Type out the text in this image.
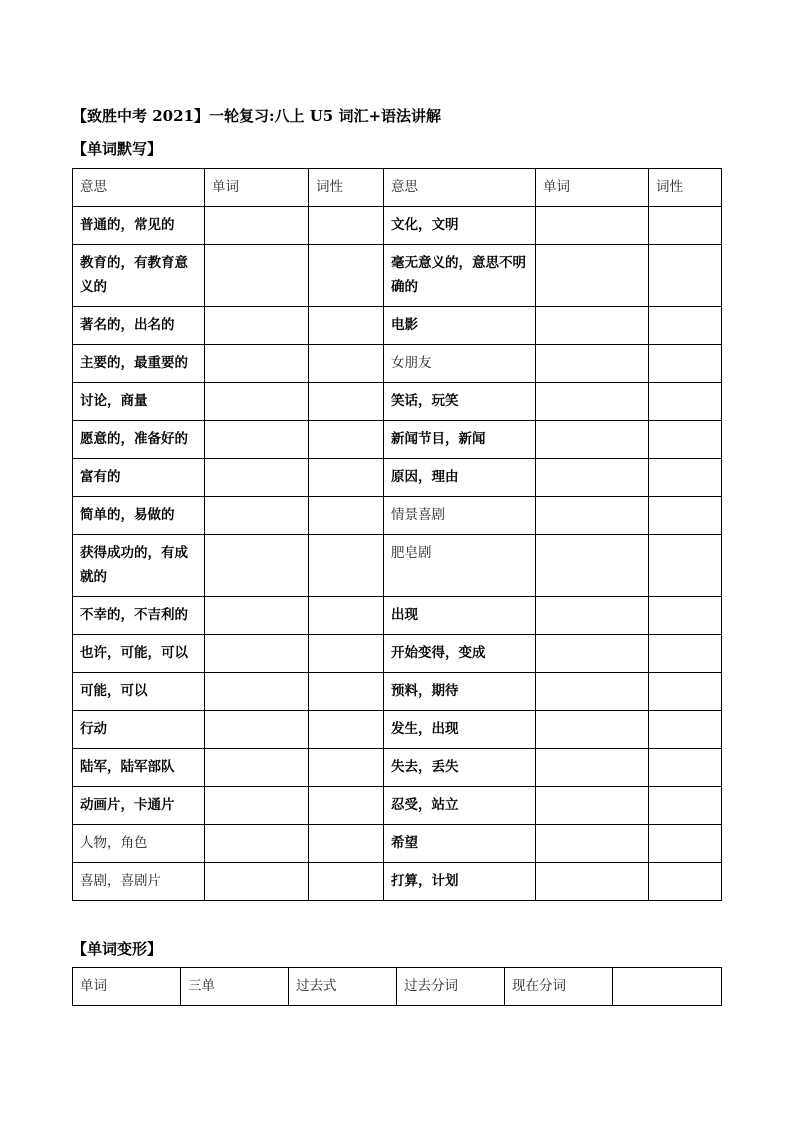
【致胜中考 2021】一轮复习:八上 U5 词汇+语法讲解
【单词默写】
意思	单词	词性	意思	单词	词性
普通的，常见的			文化，文明		
教育的，有教育意义的			毫无意义的，意思不明确的		
著名的，出名的			电影		
主要的，最重要的			女朋友		
讨论，商量			笑话，玩笑		
愿意的，准备好的			新闻节目，新闻		
富有的			原因，理由		
简单的，易做的			情景喜剧		
获得成功的，有成就的			肥皂剧		
不幸的，不吉利的			出现		
也许，可能，可以			开始变得，变成		
可能，可以			预料，期待		
行动			发生，出现		
陆军，陆军部队			失去，丢失		
动画片，卡通片			忍受，站立		
人物，角色			希望		
喜剧，喜剧片			打算，计划		
【单词变形】
单词	三单	过去式	过去分词	现在分词	
